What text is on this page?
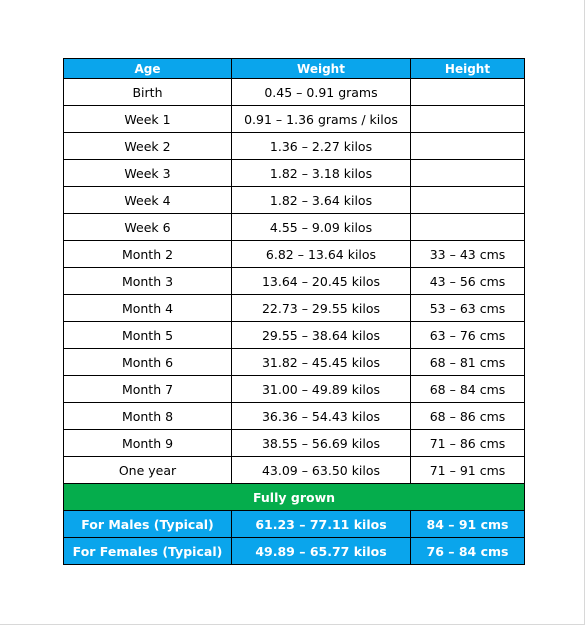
Age	Weight	Height
Birth	0.45 – 0.91 grams	
Week 1	0.91 – 1.36 grams / kilos	
Week 2	1.36 – 2.27 kilos	
Week 3	1.82 – 3.18 kilos	
Week 4	1.82 – 3.64 kilos	
Week 6	4.55 – 9.09 kilos	
Month 2	6.82 – 13.64 kilos	33 – 43 cms
Month 3	13.64 – 20.45 kilos	43 – 56 cms
Month 4	22.73 – 29.55 kilos	53 – 63 cms
Month 5	29.55 – 38.64 kilos	63 – 76 cms
Month 6	31.82 – 45.45 kilos	68 – 81 cms
Month 7	31.00 – 49.89 kilos	68 – 84 cms
Month 8	36.36 – 54.43 kilos	68 – 86 cms
Month 9	38.55 – 56.69 kilos	71 – 86 cms
One year	43.09 – 63.50 kilos	71 – 91 cms
Fully grown		
For Males (Typical)	61.23 – 77.11 kilos	84 – 91 cms
For Females (Typical)	49.89 – 65.77 kilos	76 – 84 cms
